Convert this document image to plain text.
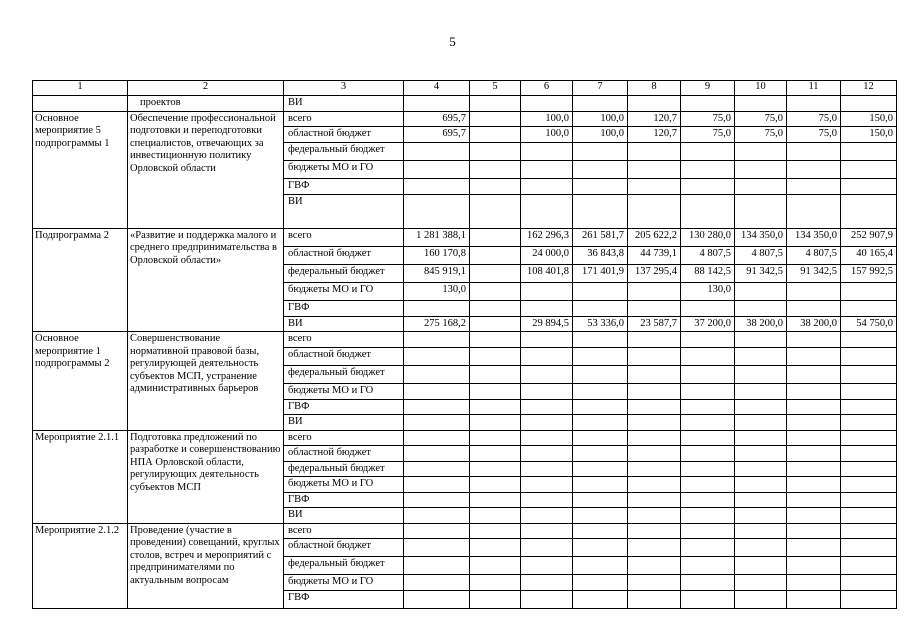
5
1	2	3	4	5	6	7	8	9	10	11	12
	проектов	ВИ									
Основное мероприятие 5 подпрограммы 1	Обеспечение профессиональной подготовки и переподготовки специалистов, отвечающих за инвестиционную политику Орловской области	всего	695,7		100,0	100,0	120,7	75,0	75,0	75,0	150,0
		областной бюджет	695,7		100,0	100,0	120,7	75,0	75,0	75,0	150,0
		федеральный бюджет									
		бюджеты МО и ГО									
		ГВФ									
		ВИ									
Подпрограмма 2	«Развитие и поддержка малого и среднего предпринимательства в Орловской области»	всего	1 281 388,1		162 296,3	261 581,7	205 622,2	130 280,0	134 350,0	134 350,0	252 907,9
		областной бюджет	160 170,8		24 000,0	36 843,8	44 739,1	4 807,5	4 807,5	4 807,5	40 165,4
		федеральный бюджет	845 919,1		108 401,8	171 401,9	137 295,4	88 142,5	91 342,5	91 342,5	157 992,5
		бюджеты МО и ГО	130,0					130,0			
		ГВФ									
		ВИ	275 168,2		29 894,5	53 336,0	23 587,7	37 200,0	38 200,0	38 200,0	54 750,0
Основное мероприятие 1 подпрограммы 2	Совершенствование нормативной правовой базы, регулирующей деятельность субъектов МСП, устранение административных барьеров	всего									
		областной бюджет									
		федеральный бюджет									
		бюджеты МО и ГО									
		ГВФ									
		ВИ									
Мероприятие 2.1.1	Подготовка предложений по разработке и совершенствованию НПА Орловской области, регулирующих деятельность субъектов МСП	всего									
		областной бюджет									
		федеральный бюджет									
		бюджеты МО и ГО									
		ГВФ									
		ВИ									
Мероприятие 2.1.2	Проведение (участие в проведении) совещаний, круглых столов, встреч и мероприятий с предпринимателями по актуальным вопросам	всего									
		областной бюджет									
		федеральный бюджет									
		бюджеты МО и ГО									
		ГВФ									
